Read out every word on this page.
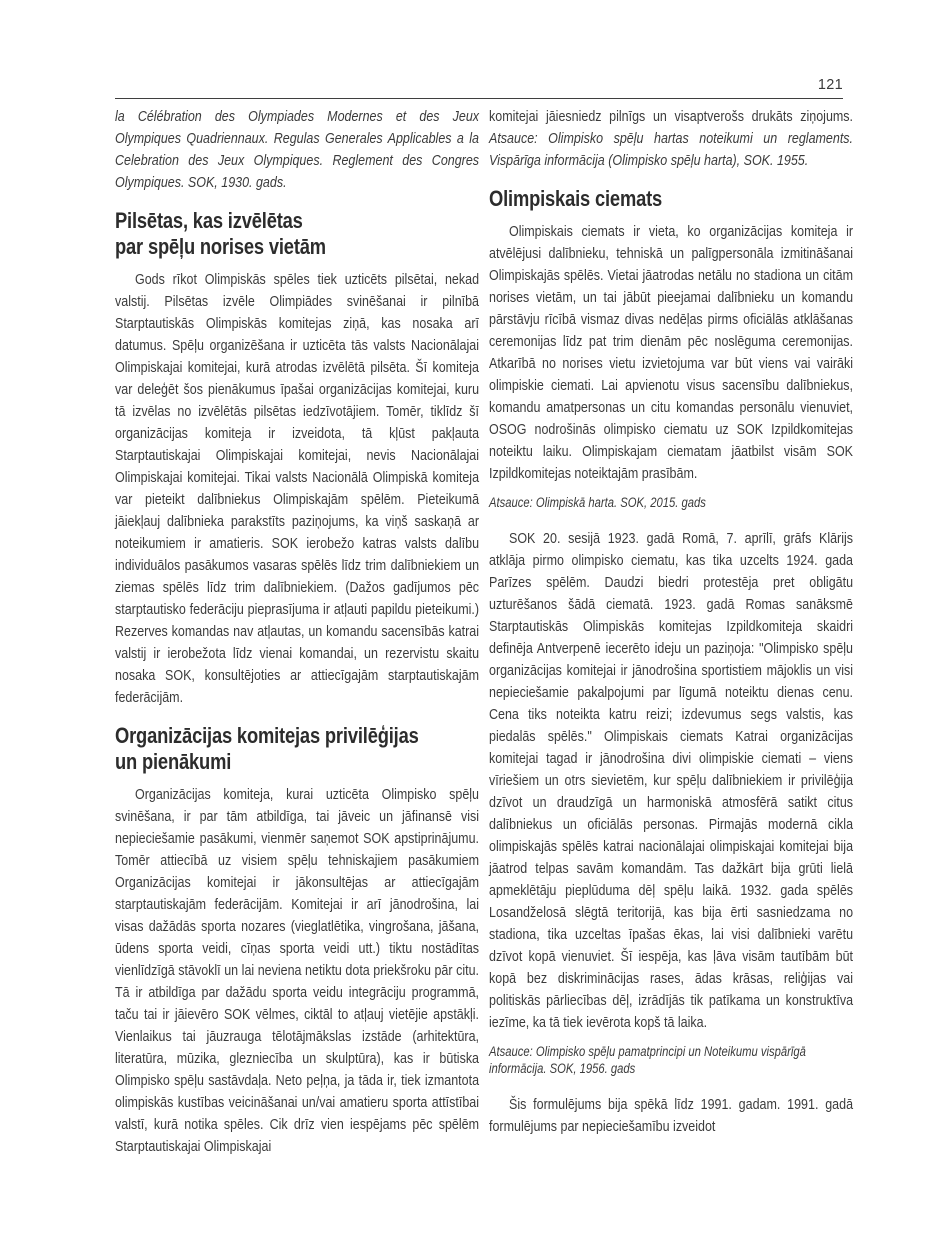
121

la Célébration des Olympiades Modernes et des Jeux Olympiques Quadriennaux. Regulas Generales Applicables a la Celebration des Jeux Olympiques. Reglement des Congres Olympiques. SOK, 1930. gads.

Pilsētas, kas izvēlētas
par spēļu norises vietām

Gods rīkot Olimpiskās spēles tiek uzticēts pilsētai, nekad valstij. Pilsētas izvēle Olimpiādes svinēšanai ir pilnībā Starptautiskās Olimpiskās komitejas ziņā, kas nosaka arī datumus. Spēļu organizēšana ir uzticēta tās valsts Nacionālajai Olimpiskajai komitejai, kurā atrodas izvēlētā pilsēta. Šī komiteja var deleģēt šos pienākumus īpašai organizācijas komitejai, kuru tā izvēlas no izvēlētās pilsētas iedzīvotājiem. Tomēr, tiklīdz šī organizācijas komiteja ir izveidota, tā kļūst pakļauta Starptautiskajai Olimpiskajai komitejai, nevis Nacionālajai Olimpiskajai komitejai. Tikai valsts Nacionālā Olimpiskā komiteja var pieteikt dalībniekus Olimpiskajām spēlēm. Pieteikumā jāiekļauj dalībnieka parakstīts paziņojums, ka viņš saskaņā ar noteikumiem ir amatieris. SOK ierobežo katras valsts dalību individuālos pasākumos vasaras spēlēs līdz trim dalībniekiem un ziemas spēlēs līdz trim dalībniekiem. (Dažos gadījumos pēc starptautisko federāciju pieprasījuma ir atļauti papildu pieteikumi.) Rezerves komandas nav atļautas, un komandu sacensībās katrai valstij ir ierobežota līdz vienai komandai, un rezervistu skaitu nosaka SOK, konsultējoties ar attiecīgajām starptautiskajām federācijām.

Organizācijas komitejas privilēģijas
un pienākumi

Organizācijas komiteja, kurai uzticēta Olimpisko spēļu svinēšana, ir par tām atbildīga, tai jāveic un jāfinansē visi nepieciešamie pasākumi, vienmēr saņemot SOK apstiprinājumu. Tomēr attiecībā uz visiem spēļu tehniskajiem pasākumiem Organizācijas komitejai ir jākonsultējas ar attiecīgajām starptautiskajām federācijām. Komitejai ir arī jānodrošina, lai visas dažādās sporta nozares (vieglatlētika, vingrošana, jāšana, ūdens sporta veidi, cīņas sporta veidi utt.) tiktu nostādītas vienlīdzīgā stāvoklī un lai neviena netiktu dota priekšroku pār citu. Tā ir atbildīga par dažādu sporta veidu integrāciju programmā, taču tai ir jāievēro SOK vēlmes, ciktāl to atļauj vietējie apstākļi. Vienlaikus tai jāuzrauga tēlotājmākslas izstāde (arhitektūra, literatūra, mūzika, glezniecība un skulptūra), kas ir būtiska Olimpisko spēļu sastāvdaļa. Neto peļņa, ja tāda ir, tiek izmantota olimpiskās kustības veicināšanai un/vai amatieru sporta attīstībai valstī, kurā notika spēles. Cik drīz vien iespējams pēc spēlēm Starptautiskajai Olimpiskajai

komitejai jāiesniedz pilnīgs un visaptverošs drukāts ziņojums. Atsauce: Olimpisko spēļu hartas noteikumi un reglaments. Vispārīga informācija (Olimpisko spēļu harta), SOK. 1955.

Olimpiskais ciemats

Olimpiskais ciemats ir vieta, ko organizācijas komiteja ir atvēlējusi dalībnieku, tehniskā un palīgpersonāla izmitināšanai Olimpiskajās spēlēs. Vietai jāatrodas netālu no stadiona un citām norises vietām, un tai jābūt pieejamai dalībnieku un komandu pārstāvju rīcībā vismaz divas nedēļas pirms oficiālās atklāšanas ceremonijas līdz pat trim dienām pēc noslēguma ceremonijas. Atkarībā no norises vietu izvietojuma var būt viens vai vairāki olimpiskie ciemati. Lai apvienotu visus sacensību dalībniekus, komandu amatpersonas un citu komandas personālu vienuviet, OSOG nodrošinās olimpisko ciematu uz SOK Izpildkomitejas noteiktu laiku. Olimpiskajam ciematam jāatbilst visām SOK Izpildkomitejas noteiktajām prasībām.

Atsauce: Olimpiskā harta. SOK, 2015. gads

SOK 20. sesijā 1923. gadā Romā, 7. aprīlī, grāfs Klārijs atklāja pirmo olimpisko ciematu, kas tika uzcelts 1924. gada Parīzes spēlēm. Daudzi biedri protestēja pret obligātu uzturēšanos šādā ciematā. 1923. gadā Romas sanāksmē Starptautiskās Olimpiskās komitejas Izpildkomiteja skaidri definēja Antverpenē iecerēto ideju un paziņoja: "Olimpisko spēļu organizācijas komitejai ir jānodrošina sportistiem mājoklis un visi nepieciešamie pakalpojumi par līgumā noteiktu dienas cenu. Cena tiks noteikta katru reizi; izdevumus segs valstis, kas piedalās spēlēs." Olimpiskais ciemats Katrai organizācijas komitejai tagad ir jānodrošina divi olimpiskie ciemati – viens vīriešiem un otrs sievietēm, kur spēļu dalībniekiem ir privilēģija dzīvot un draudzīgā un harmoniskā atmosfērā satikt citus dalībniekus un oficiālās personas. Pirmajās modernā cikla olimpiskajās spēlēs katrai nacionālajai olimpiskajai komitejai bija jāatrod telpas savām komandām. Tas dažkārt bija grūti lielā apmeklētāju pieplūduma dēļ spēļu laikā. 1932. gada spēlēs Losandželosā slēgtā teritorijā, kas bija ērti sasniedzama no stadiona, tika uzceltas īpašas ēkas, lai visi dalībnieki varētu dzīvot kopā vienuviet. Šī iespēja, kas ļāva visām tautībām būt kopā bez diskriminācijas rases, ādas krāsas, reliģijas vai politiskās pārliecības dēļ, izrādījās tik patīkama un konstruktīva iezīme, ka tā tiek ievērota kopš tā laika.

Atsauce: Olimpisko spēļu pamatprincipi un Noteikumu vispārīgā informācija. SOK, 1956. gads

Šis formulējums bija spēkā līdz 1991. gadam. 1991. gadā formulējums par nepieciešamību izveidot
